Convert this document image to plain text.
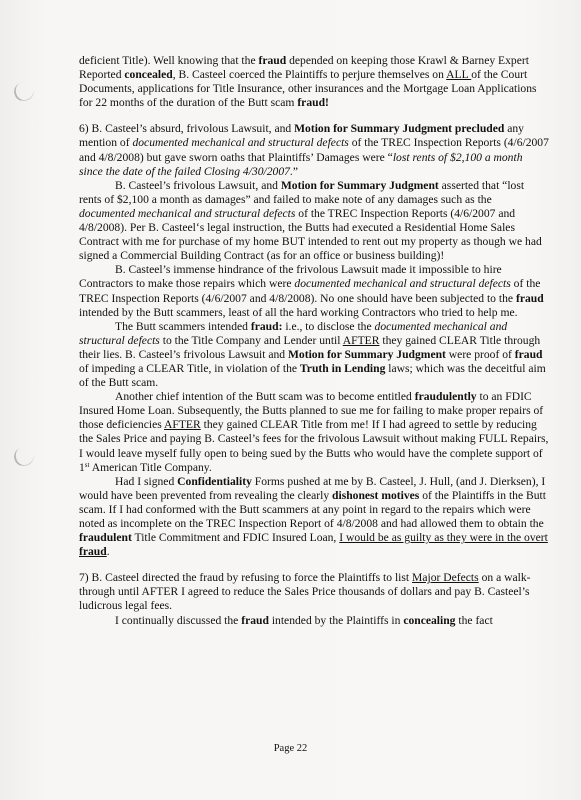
deficient Title). Well knowing that the fraud depended on keeping those Krawl & Barney Expert Reported concealed, B. Casteel coerced the Plaintiffs to perjure themselves on ALL of the Court Documents, applications for Title Insurance, other insurances and the Mortgage Loan Applications for 22 months of the duration of the Butt scam fraud!

6) B. Casteel’s absurd, frivolous Lawsuit, and Motion for Summary Judgment precluded any mention of documented mechanical and structural defects of the TREC Inspection Reports (4/6/2007 and 4/8/2008) but gave sworn oaths that Plaintiffs’ Damages were “lost rents of $2,100 a month since the date of the failed Closing 4/30/2007.”

B. Casteel’s frivolous Lawsuit, and Motion for Summary Judgment asserted that “lost rents of $2,100 a month as damages” and failed to make note of any damages such as the documented mechanical and structural defects of the TREC Inspection Reports (4/6/2007 and 4/8/2008). Per B. Casteel‘s legal instruction, the Butts had executed a Residential Home Sales Contract with me for purchase of my home BUT intended to rent out my property as though we had signed a Commercial Building Contract (as for an office or business building)!

B. Casteel’s immense hindrance of the frivolous Lawsuit made it impossible to hire Contractors to make those repairs which were documented mechanical and structural defects of the TREC Inspection Reports (4/6/2007 and 4/8/2008). No one should have been subjected to the fraud intended by the Butt scammers, least of all the hard working Contractors who tried to help me.

The Butt scammers intended fraud: i.e., to disclose the documented mechanical and structural defects to the Title Company and Lender until AFTER they gained CLEAR Title through their lies. B. Casteel’s frivolous Lawsuit and Motion for Summary Judgment were proof of fraud of impeding a CLEAR Title, in violation of the Truth in Lending laws; which was the deceitful aim of the Butt scam.

Another chief intention of the Butt scam was to become entitled fraudulently to an FDIC Insured Home Loan. Subsequently, the Butts planned to sue me for failing to make proper repairs of those deficiencies AFTER they gained CLEAR Title from me! If I had agreed to settle by reducing the Sales Price and paying B. Casteel’s fees for the frivolous Lawsuit without making FULL Repairs, I would leave myself fully open to being sued by the Butts who would have the complete support of 1st American Title Company.

Had I signed Confidentiality Forms pushed at me by B. Casteel, J. Hull, (and J. Dierksen), I would have been prevented from revealing the clearly dishonest motives of the Plaintiffs in the Butt scam. If I had conformed with the Butt scammers at any point in regard to the repairs which were noted as incomplete on the TREC Inspection Report of 4/8/2008 and had allowed them to obtain the fraudulent Title Commitment and FDIC Insured Loan, I would be as guilty as they were in the overt fraud.

7) B. Casteel directed the fraud by refusing to force the Plaintiffs to list Major Defects on a walk-through until AFTER I agreed to reduce the Sales Price thousands of dollars and pay B. Casteel’s ludicrous legal fees.

I continually discussed the fraud intended by the Plaintiffs in concealing the fact

Page 22
